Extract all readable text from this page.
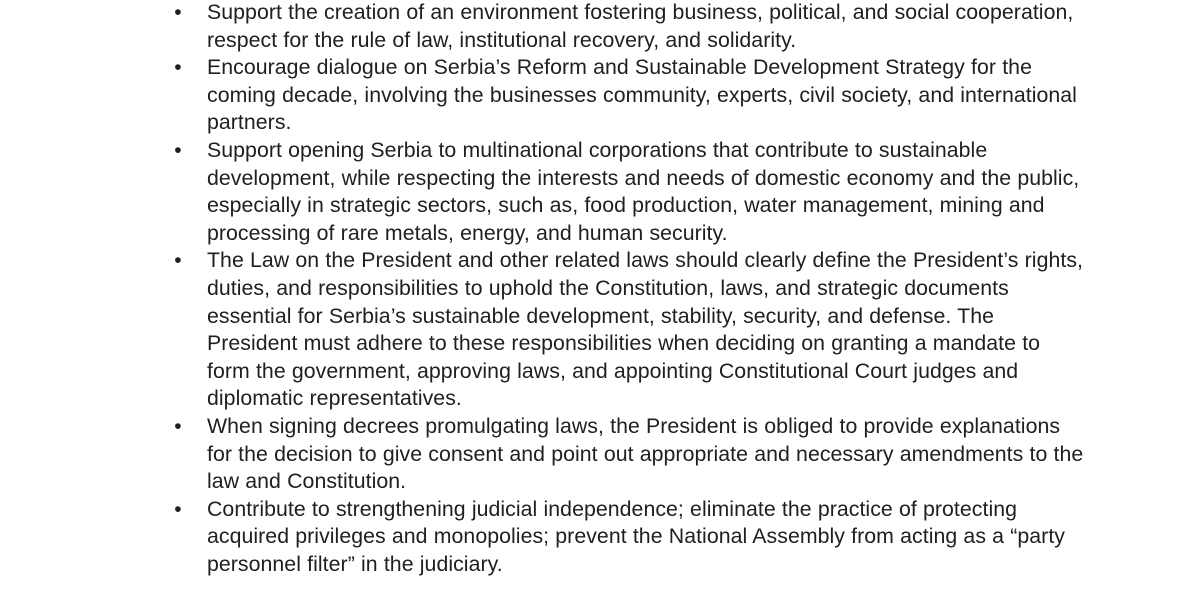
• Support the creation of an environment fostering business, political, and social cooperation, respect for the rule of law, institutional recovery, and solidarity.
• Encourage dialogue on Serbia’s Reform and Sustainable Development Strategy for the coming decade, involving the businesses community, experts, civil society, and international partners.
• Support opening Serbia to multinational corporations that contribute to sustainable development, while respecting the interests and needs of domestic economy and the public, especially in strategic sectors, such as, food production, water management, mining and processing of rare metals, energy, and human security.
• The Law on the President and other related laws should clearly define the President’s rights, duties, and responsibilities to uphold the Constitution, laws, and strategic documents essential for Serbia’s sustainable development, stability, security, and defense. The President must adhere to these responsibilities when deciding on granting a mandate to form the government, approving laws, and appointing Constitutional Court judges and diplomatic representatives.
• When signing decrees promulgating laws, the President is obliged to provide explanations for the decision to give consent and point out appropriate and necessary amendments to the law and Constitution.
• Contribute to strengthening judicial independence; eliminate the practice of protecting acquired privileges and monopolies; prevent the National Assembly from acting as a “party personnel filter” in the judiciary.
